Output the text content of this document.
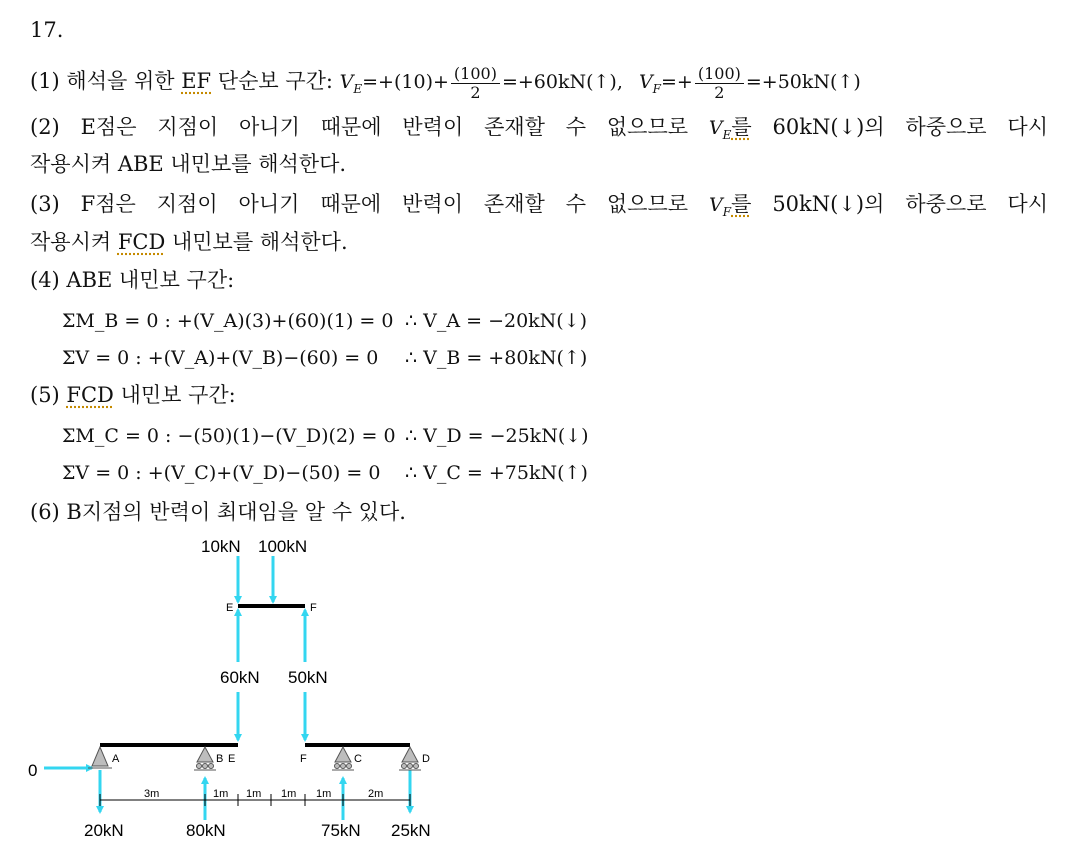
17.
(1) 해석을 위한 EF 단순보 구간: $V_E=+(10)+ \frac{(100)}{2}$ =+60kN(↑), $V_F=+ \frac{(100)}{2}$ =+50kN(↑)
(2) E점은 지점이 아니기 때문에 반력이 존재할 수 없으므로 $V_E$를 60kN(↓)의 하중으로 다시
작용시켜 ABE 내민보를 해석한다.
(3) F점은 지점이 아니기 때문에 반력이 존재할 수 없으므로 $V_F$를 50kN(↓)의 하중으로 다시
작용시켜 FCD 내민보를 해석한다.
(4) ABE 내민보 구간:
ΣM_B = 0 : +(V_A)(3)+(60)(1) = 0 ∴ V_A = −20kN(↓)
ΣV = 0 : +(V_A)+(V_B)−(60) = 0 ∴ V_B = +80kN(↑)
(5) FCD 내민보 구간:
ΣM_C = 0 : −(50)(1)−(V_D)(2) = 0 ∴ V_D = −25kN(↓)
ΣV = 0 : +(V_C)+(V_D)−(50) = 0 ∴ V_C = +75kN(↑)
(6) B지점의 반력이 최대임을 알 수 있다.
10kN 100kN
60kN 50kN
20kN	80kN	75kN 25kN
0
E	F
A	B E	F	C	D
3m	1m 1m 1m 1m	2m
